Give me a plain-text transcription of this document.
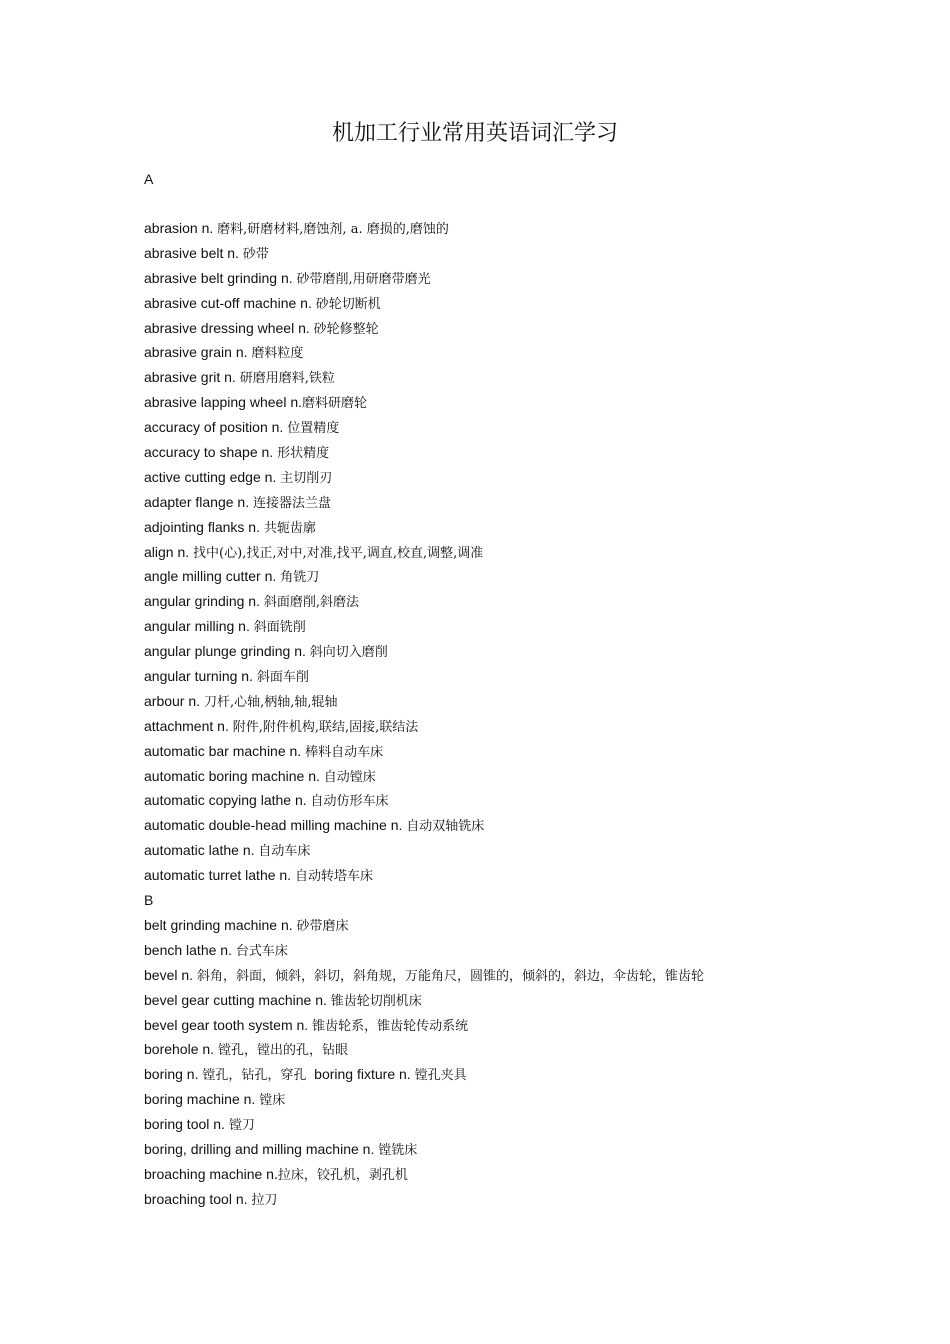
机加工行业常用英语词汇学习
A
abrasion n. 磨料,研磨材料,磨蚀剂, a. 磨损的,磨蚀的
abrasive belt n. 砂带
abrasive belt grinding n. 砂带磨削,用研磨带磨光
abrasive cut-off machine n. 砂轮切断机
abrasive dressing wheel n. 砂轮修整轮
abrasive grain n. 磨料粒度
abrasive grit n. 研磨用磨料,铁粒
abrasive lapping wheel n.磨料研磨轮
accuracy of position n. 位置精度
accuracy to shape n. 形状精度
active cutting edge n. 主切削刃
adapter flange n. 连接器法兰盘
adjointing flanks n. 共轭齿廓
align n. 找中(心),找正,对中,对准,找平,调直,校直,调整,调准
angle milling cutter n. 角铣刀
angular grinding n. 斜面磨削,斜磨法
angular milling n. 斜面铣削
angular plunge grinding n. 斜向切入磨削
angular turning n. 斜面车削
arbour n. 刀杆,心轴,柄轴,轴,辊轴
attachment n. 附件,附件机构,联结,固接,联结法
automatic bar machine n. 棒料自动车床
automatic boring machine n. 自动镗床
automatic copying lathe n. 自动仿形车床
automatic double-head milling machine n. 自动双轴铣床
automatic lathe n. 自动车床
automatic turret lathe n. 自动转塔车床
B
belt grinding machine n. 砂带磨床
bench lathe n. 台式车床
bevel n. 斜角，斜面，倾斜，斜切，斜角规，万能角尺，圆锥的，倾斜的，斜边，伞齿轮，锥齿轮
bevel gear cutting machine n. 锥齿轮切削机床
bevel gear tooth system n. 锥齿轮系，锥齿轮传动系统
borehole n. 镗孔，镗出的孔，钻眼
boring n. 镗孔，钻孔，穿孔  boring fixture n. 镗孔夹具
boring machine n. 镗床
boring tool n. 镗刀
boring, drilling and milling machine n. 镗铣床
broaching machine n.拉床，铰孔机，剥孔机
broaching tool n. 拉刀
